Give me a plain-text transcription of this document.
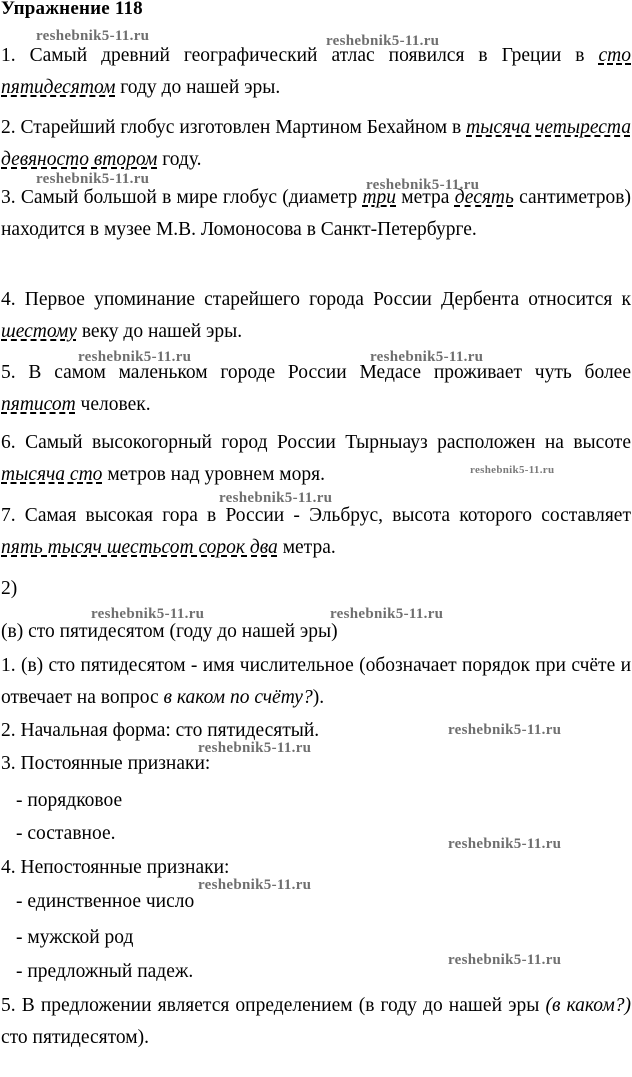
Упражнение 118
1. Самый древний географический атлас появился в Греции в сто пятидесятом году до нашей эры.
2. Старейший глобус изготовлен Мартином Бехайном в тысяча четыреста девяносто втором году.
3. Самый большой в мире глобус (диаметр три метра десять сантиметров) находится в музее М.В. Ломоносова в Санкт-Петербурге.
4. Первое упоминание старейшего города России Дербента относится к шестому веку до нашей эры.
5. В самом маленьком городе России Медасе проживает чуть более пятисот человек.
6. Самый высокогорный город России Тырныауз расположен на высоте тысяча сто метров над уровнем моря.
7. Самая высокая гора в России - Эльбрус, высота которого составляет пять тысяч шестьсот сорок два метра.
2)
(в) сто пятидесятом (году до нашей эры)
1. (в) сто пятидесятом - имя числительное (обозначает порядок при счёте и отвечает на вопрос в каком по счёту?).
2. Начальная форма: сто пятидесятый.
3. Постоянные признаки:
- порядковое
- составное.
4. Непостоянные признаки:
- единственное число
- мужской род
- предложный падеж.
5. В предложении является определением (в году до нашей эры (в каком?) сто пятидесятом).
reshebnik5-11.ru	reshebnik5-11.ru
reshebnik5-11.ru	reshebnik5-11.ru
reshebnik5-11.ru	reshebnik5-11.ru
reshebnik5-11.ru
reshebnik5-11.ru
reshebnik5-11.ru	reshebnik5-11.ru
reshebnik5-11.ru
reshebnik5-11.ru
reshebnik5-11.ru
reshebnik5-11.ru
reshebnik5-11.ru
